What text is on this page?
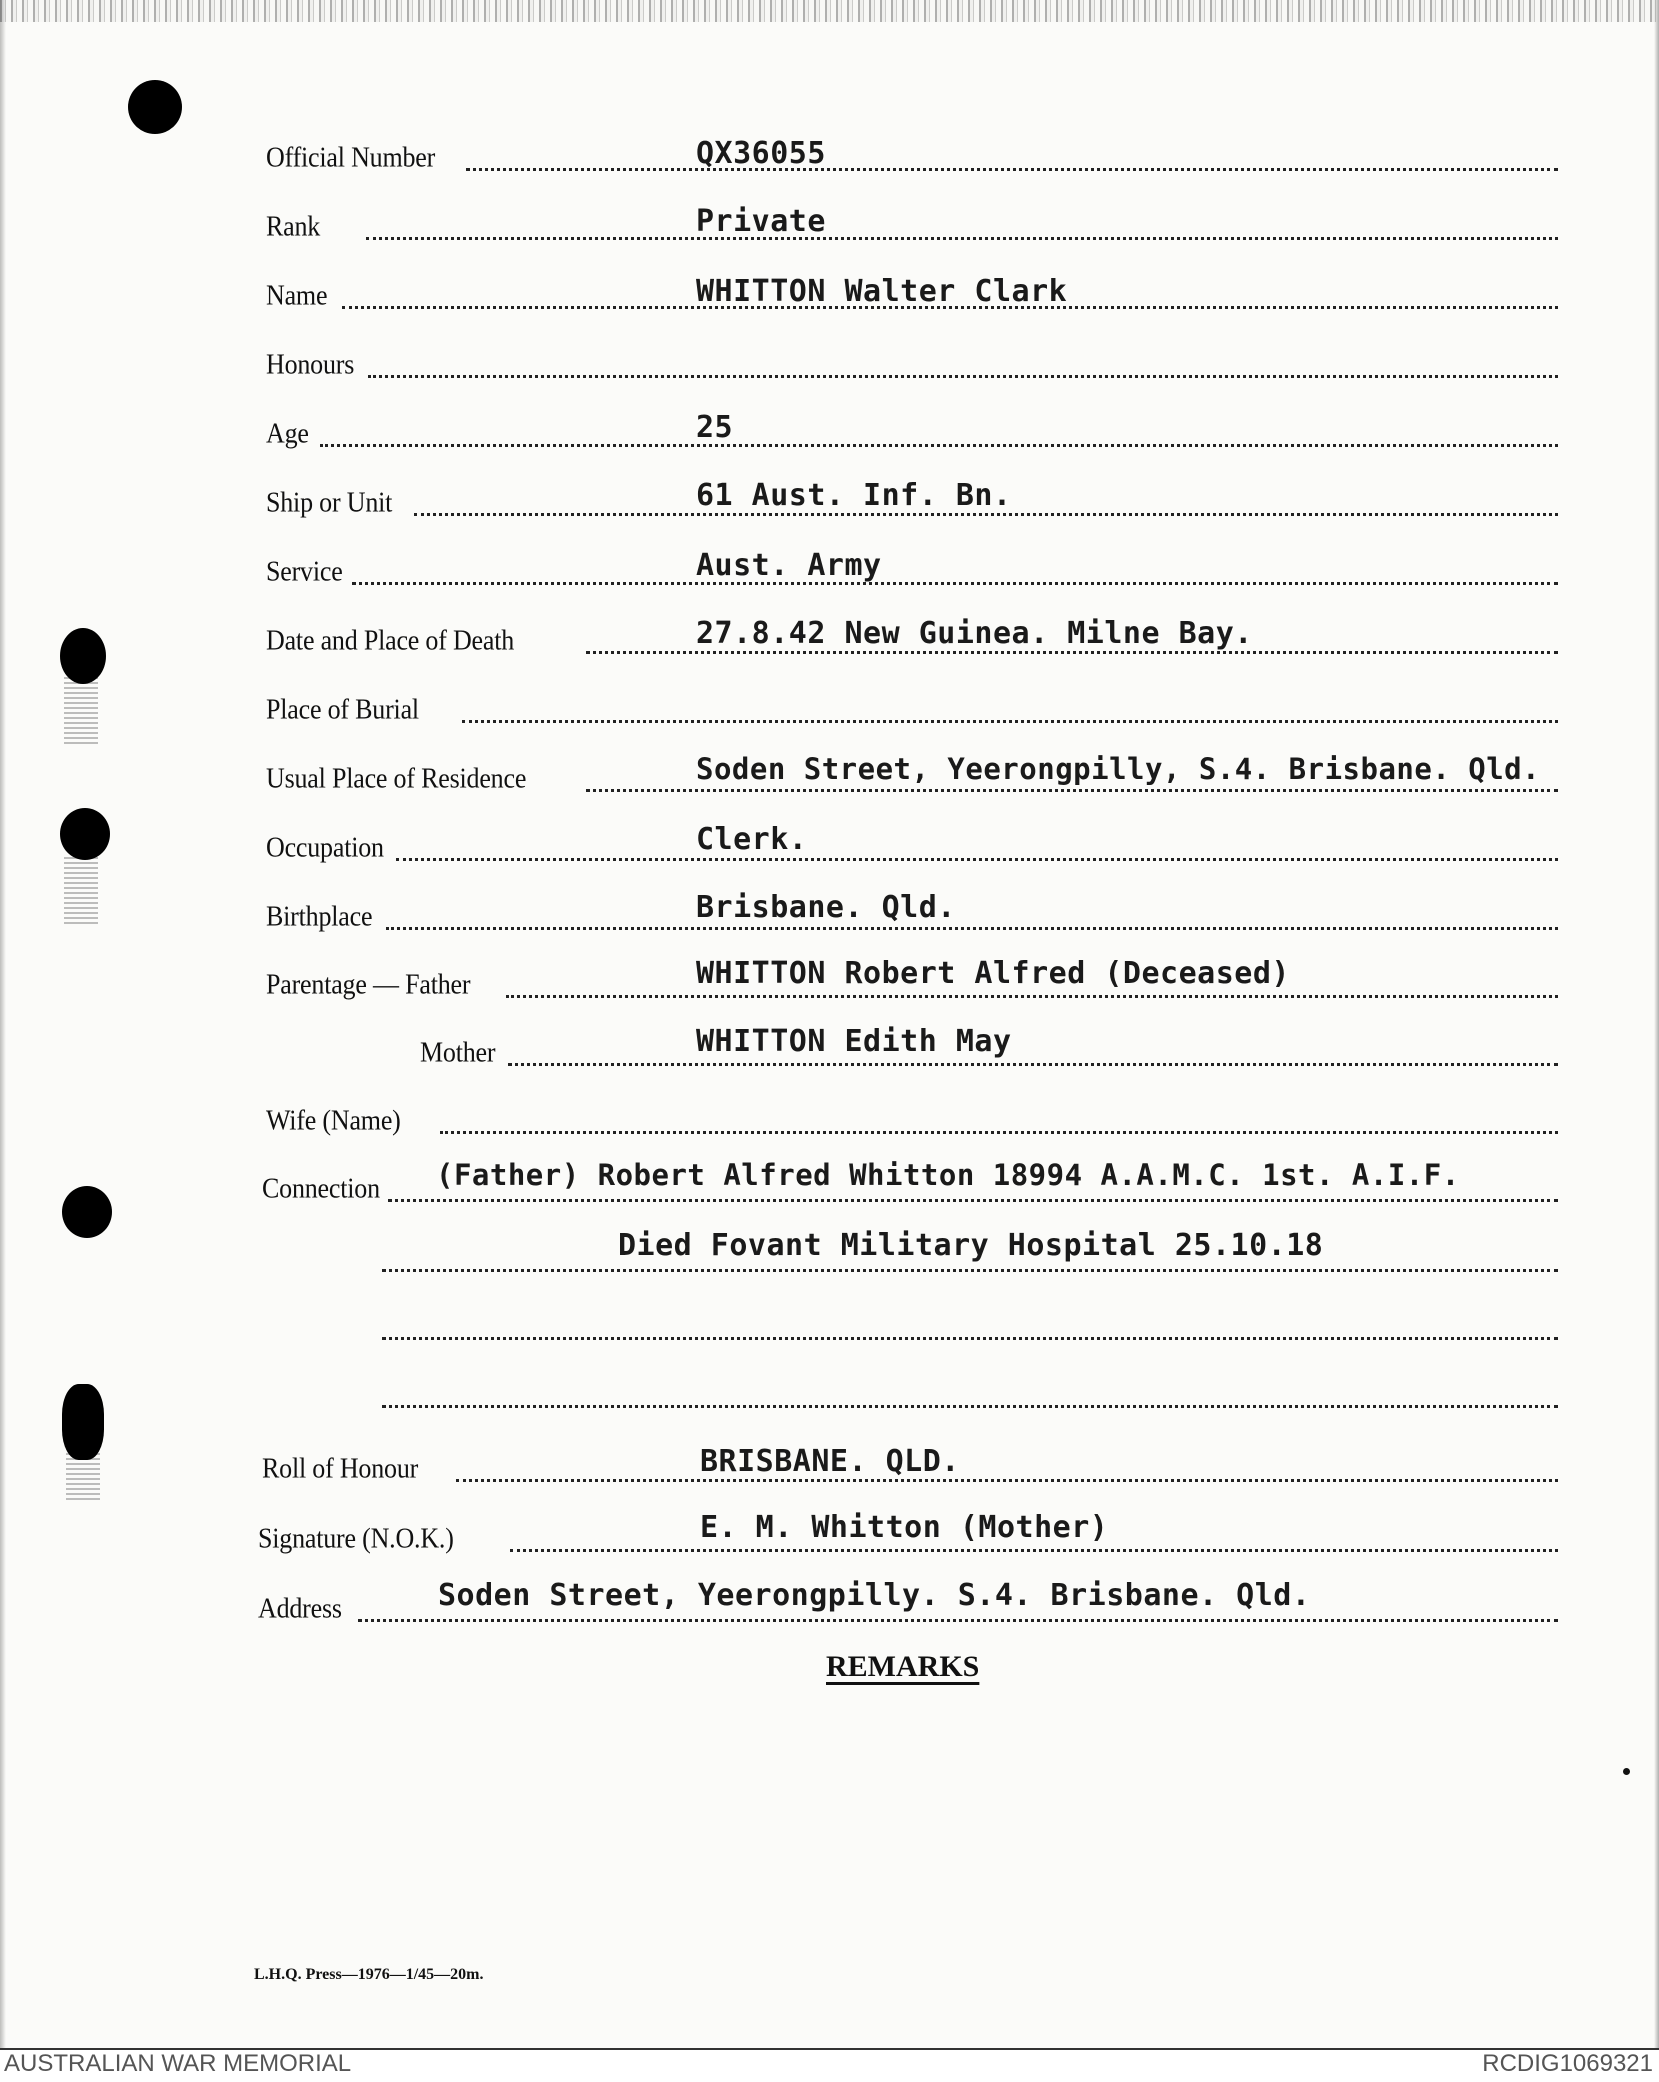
Official Number	QX36055
Rank	Private
Name	WHITTON Walter Clark
Honours
Age	25
Ship or Unit	61 Aust. Inf. Bn.
Service	Aust. Army
Date and Place of Death	27.8.42 New Guinea. Milne Bay.
Place of Burial
Usual Place of Residence	Soden Street, Yeerongpilly, S.4. Brisbane. Qld.
Occupation	Clerk.
Birthplace	Brisbane. Qld.
Parentage — Father	WHITTON Robert Alfred (Deceased)
Mother	WHITTON Edith May
Wife (Name)
Connection (Father) Robert Alfred Whitton 18994 A.A.M.C. 1st. A.I.F.
Died Fovant Military Hospital 25.10.18
Roll of Honour	BRISBANE. QLD.
Signature (N.O.K.)	E. M. Whitton (Mother)
Address	Soden Street, Yeerongpilly. S.4. Brisbane. Qld.
REMARKS
L.H.Q. Press—1976—1/45—20m.
AUSTRALIAN WAR MEMORIAL	RCDIG1069321
